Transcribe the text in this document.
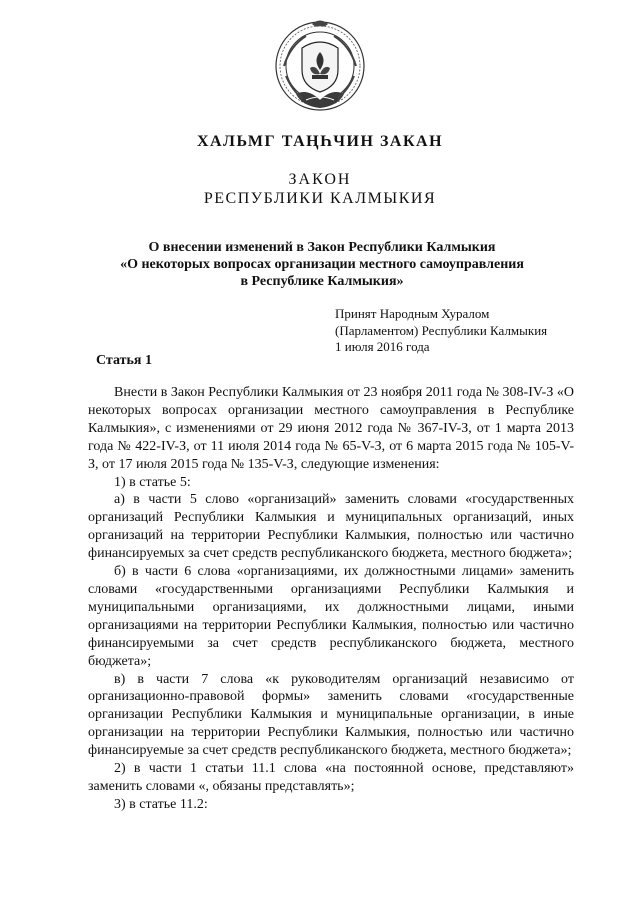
ХАЛЬМГ ТАҢҺЧИН ЗАКАН
ЗАКОН
РЕСПУБЛИКИ КАЛМЫКИЯ
О внесении изменений в Закон Республики Калмыкия
«О некоторых вопросах организации местного самоуправления
в Республике Калмыкия»
Принят Народным Хуралом
(Парламентом) Республики Калмыкия
1 июля 2016 года
Статья 1

Внести в Закон Республики Калмыкия от 23 ноября 2011 года № 308-IV-З «О некоторых вопросах организации местного самоуправления в Республике Калмыкия», с изменениями от 29 июня 2012 года № 367-IV-З, от 1 марта 2013 года № 422-IV-З, от 11 июля 2014 года № 65-V-З, от 6 марта 2015 года № 105-V-З, от 17 июля 2015 года № 135-V-З, следующие изменения:

1) в статье 5:

а) в части 5 слово «организаций» заменить словами «государственных организаций Республики Калмыкия и муниципальных организаций, иных организаций на территории Республики Калмыкия, полностью или частично финансируемых за счет средств республиканского бюджета, местного бюджета»;

б) в части 6 слова «организациями, их должностными лицами» заменить словами «государственными организациями Республики Калмыкия и муниципальными организациями, их должностными лицами, иными организациями на территории Республики Калмыкия, полностью или частично финансируемыми за счет средств республиканского бюджета, местного бюджета»;

в) в части 7 слова «к руководителям организаций независимо от организационно-правовой формы» заменить словами «государственные организации Республики Калмыкия и муниципальные организации, в иные организации на территории Республики Калмыкия, полностью или частично финансируемые за счет средств республиканского бюджета, местного бюджета»;

2) в части 1 статьи 11.1 слова «на постоянной основе, представляют» заменить словами «, обязаны представлять»;

3) в статье 11.2:
